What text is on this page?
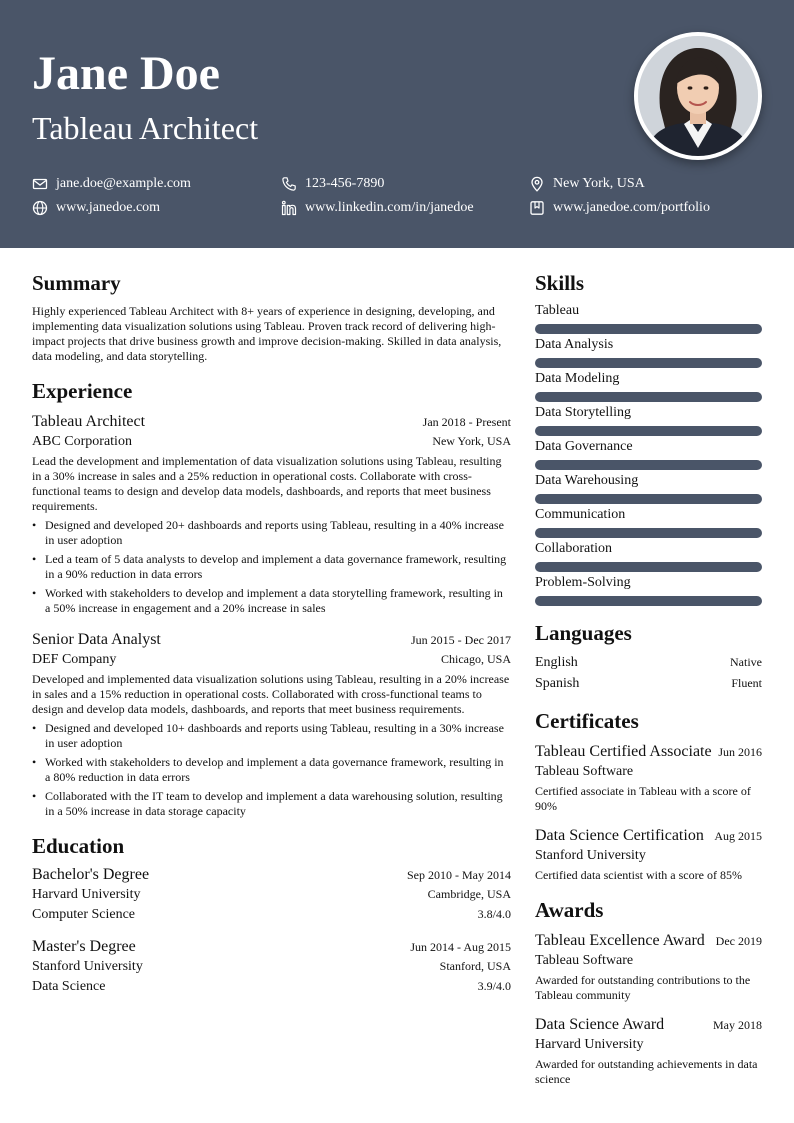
Jane Doe
Tableau Architect
jane.doe@example.com	123-456-7890	New York, USA
www.janedoe.com	www.linkedin.com/in/janedoe	www.janedoe.com/portfolio
Summary

Highly experienced Tableau Architect with 8+ years of experience in designing, developing, and implementing data visualization solutions using Tableau. Proven track record of delivering high-impact projects that drive business growth and improve decision-making. Skilled in data analysis, data modeling, and data storytelling.

Experience
Tableau Architect	Jan 2018 - Present
ABC Corporation	New York, USA

Lead the development and implementation of data visualization solutions using Tableau, resulting in a 30% increase in sales and a 25% reduction in operational costs. Collaborate with cross-functional teams to design and develop data models, dashboards, and reports that meet business requirements.

• Designed and developed 20+ dashboards and reports using Tableau, resulting in a 40% increase in user adoption
• Led a team of 5 data analysts to develop and implement a data governance framework, resulting in a 90% reduction in data errors
• Worked with stakeholders to develop and implement a data storytelling framework, resulting in a 50% increase in engagement and a 20% increase in sales
Senior Data Analyst	Jun 2015 - Dec 2017
DEF Company	Chicago, USA

Developed and implemented data visualization solutions using Tableau, resulting in a 20% increase in sales and a 15% reduction in operational costs. Collaborated with cross-functional teams to design and develop data models, dashboards, and reports that meet business requirements.

• Designed and developed 10+ dashboards and reports using Tableau, resulting in a 30% increase in user adoption
• Worked with stakeholders to develop and implement a data governance framework, resulting in a 80% reduction in data errors
• Collaborated with the IT team to develop and implement a data warehousing solution, resulting in a 50% increase in data storage capacity
Education
Bachelor's Degree	Sep 2010 - May 2014
Harvard University	Cambridge, USA
Computer Science	3.8/4.0
Master's Degree	Jun 2014 - Aug 2015
Stanford University	Stanford, USA
Data Science	3.9/4.0
Skills
Tableau
Data Analysis
Data Modeling
Data Storytelling
Data Governance
Data Warehousing
Communication
Collaboration
Problem-Solving
Languages
English	Native
Spanish	Fluent
Certificates
Tableau Certified Associate Jun 2016
Tableau Software
Certified associate in Tableau with a score of 90%
Data Science Certification Aug 2015
Stanford University
Certified data scientist with a score of 85%
Awards
Tableau Excellence Award Dec 2019
Tableau Software
Awarded for outstanding contributions to the Tableau community
Data Science Award	May 2018
Harvard University
Awarded for outstanding achievements in data science
